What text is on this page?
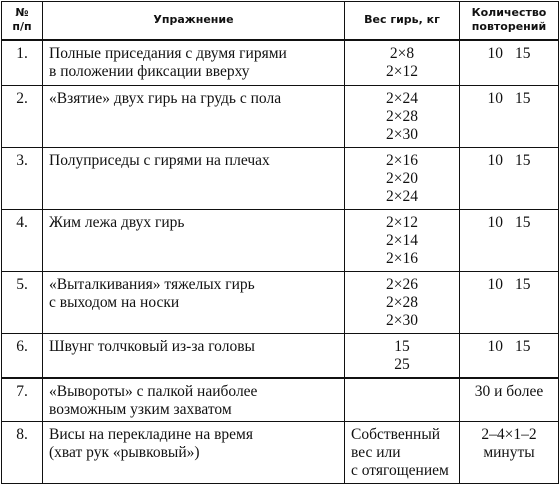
№
п/п	Упражнение	Вес гирь, кг	Количество
повторений

1.	Полные приседания с двумя гирями
в положении фиксации вверху	2×8
2×12	10 15
2.	«Взятие» двух гирь на грудь с пола	2×24
2×28
2×30	10 15
3.	Полуприседы с гирями на плечах	2×16
2×20
2×24	10 15
4.	Жим лежа двух гирь	2×12
2×14
2×16	10 15
5.	«Выталкивания» тяжелых гирь
с выходом на носки	2×26
2×28
2×30	10 15
6.	Швунг толчковый из-за головы	15
25	10 15
7.	«Вывороты» с палкой наиболее
возможным узким захватом		30 и более

8.	Висы на перекладине на время
(хват рук «рывковый»)	Собственный
вес или
с отягощением	2–4×1–2
минуты
